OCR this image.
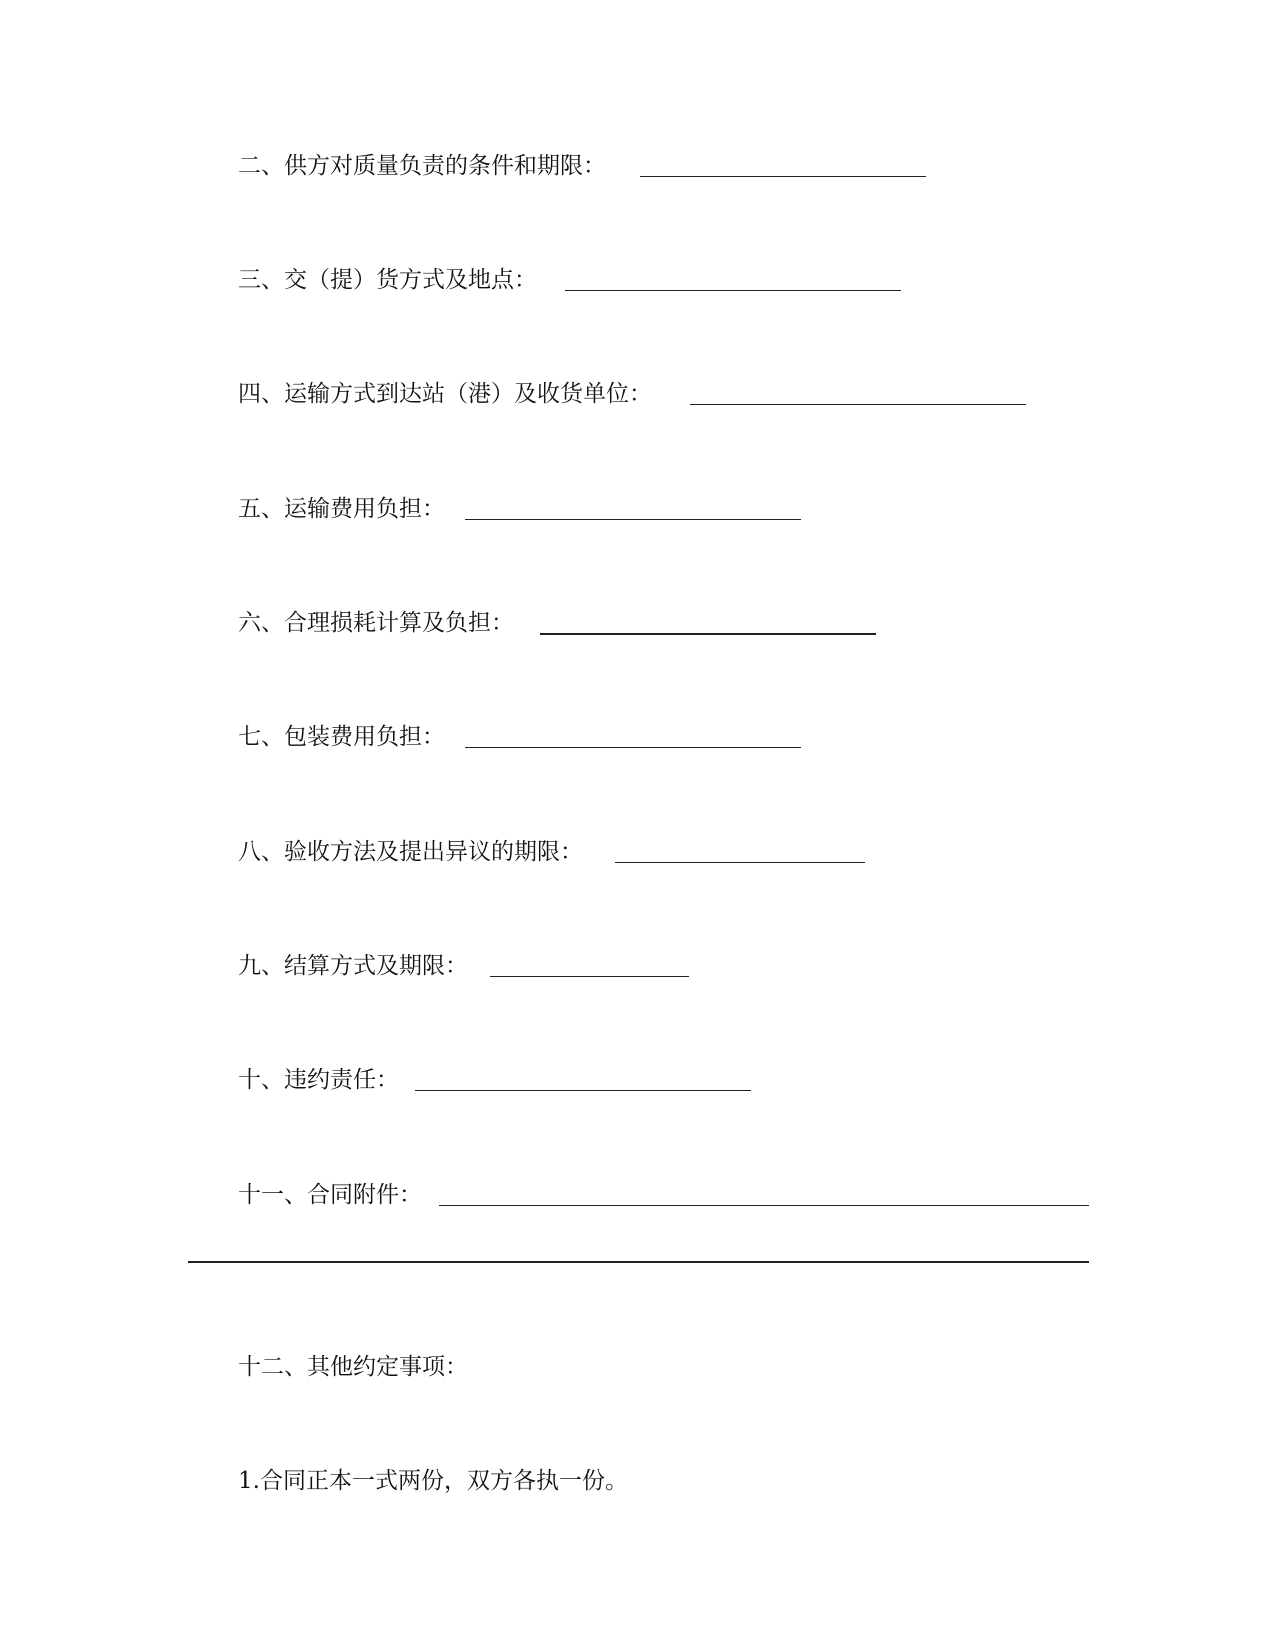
二、供方对质量负责的条件和期限：
三、交（提）货方式及地点：
四、运输方式到达站（港）及收货单位：
五、运输费用负担：
六、合理损耗计算及负担：
七、包装费用负担：
八、验收方法及提出异议的期限：
九、结算方式及期限：
十、违约责任：
十一、合同附件：
十二、其他约定事项：
1.合同正本一式两份，双方各执一份。
